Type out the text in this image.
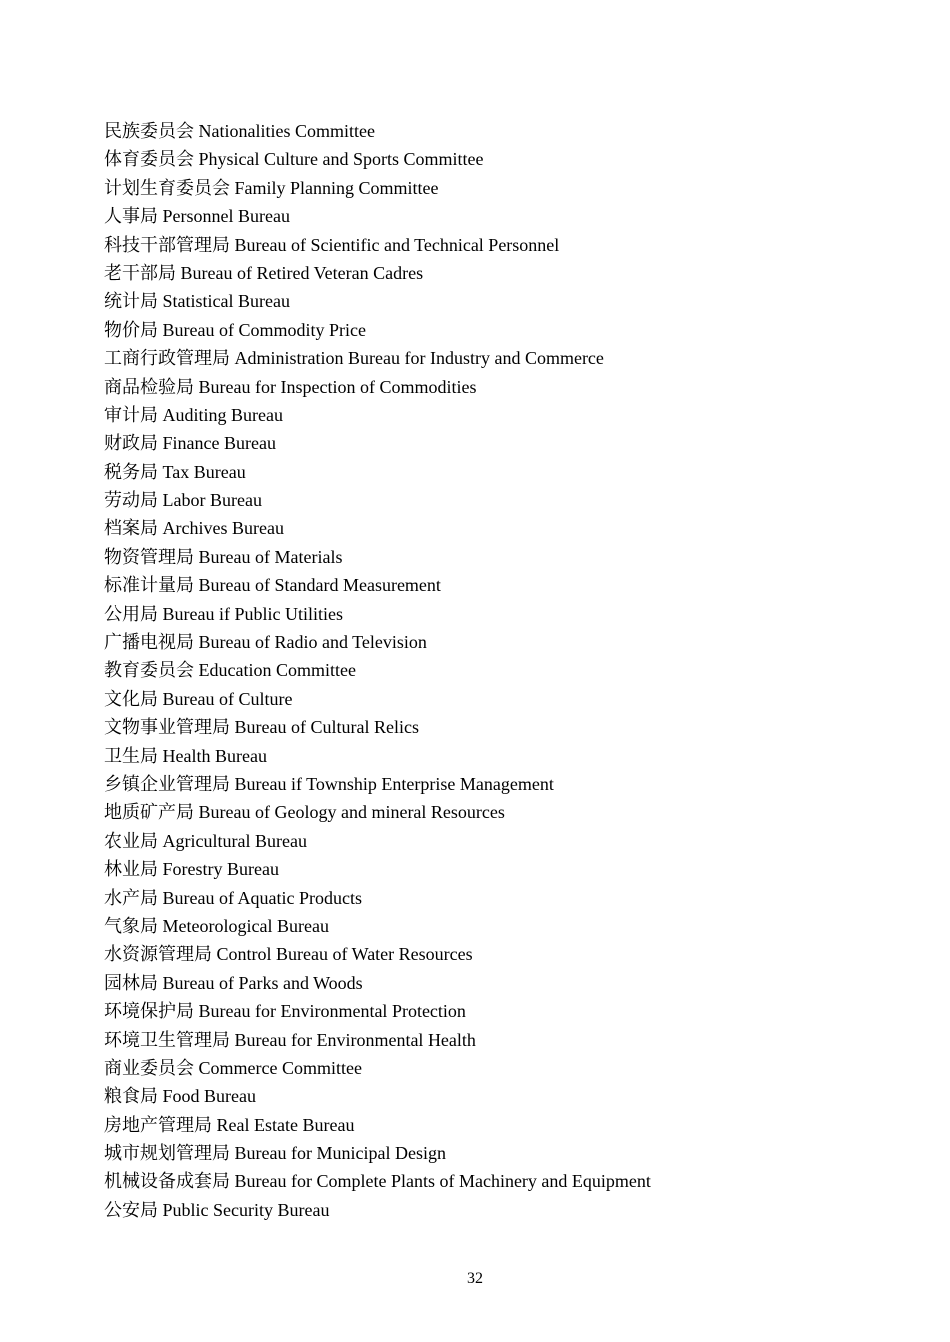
民族委员会 Nationalities Committee
体育委员会 Physical Culture and Sports Committee
计划生育委员会 Family Planning Committee
人事局 Personnel Bureau
科技干部管理局 Bureau of Scientific and Technical Personnel
老干部局 Bureau of Retired Veteran Cadres
统计局 Statistical Bureau
物价局 Bureau of Commodity Price
工商行政管理局 Administration Bureau for Industry and Commerce
商品检验局 Bureau for Inspection of Commodities
审计局 Auditing Bureau
财政局 Finance Bureau
税务局 Tax Bureau
劳动局 Labor Bureau
档案局 Archives Bureau
物资管理局 Bureau of Materials
标准计量局 Bureau of Standard Measurement
公用局 Bureau if Public Utilities
广播电视局 Bureau of Radio and Television
教育委员会 Education Committee
文化局 Bureau of Culture
文物事业管理局 Bureau of Cultural Relics
卫生局 Health Bureau
乡镇企业管理局 Bureau if Township Enterprise Management
地质矿产局 Bureau of Geology and mineral Resources
农业局 Agricultural Bureau
林业局 Forestry Bureau
水产局 Bureau of Aquatic Products
气象局 Meteorological Bureau
水资源管理局 Control Bureau of Water Resources
园林局 Bureau of Parks and Woods
环境保护局 Bureau for Environmental Protection
环境卫生管理局 Bureau for Environmental Health
商业委员会 Commerce Committee
粮食局 Food Bureau
房地产管理局 Real Estate Bureau
城市规划管理局 Bureau for Municipal Design
机械设备成套局 Bureau for Complete Plants of Machinery and Equipment
公安局 Public Security Bureau
32
